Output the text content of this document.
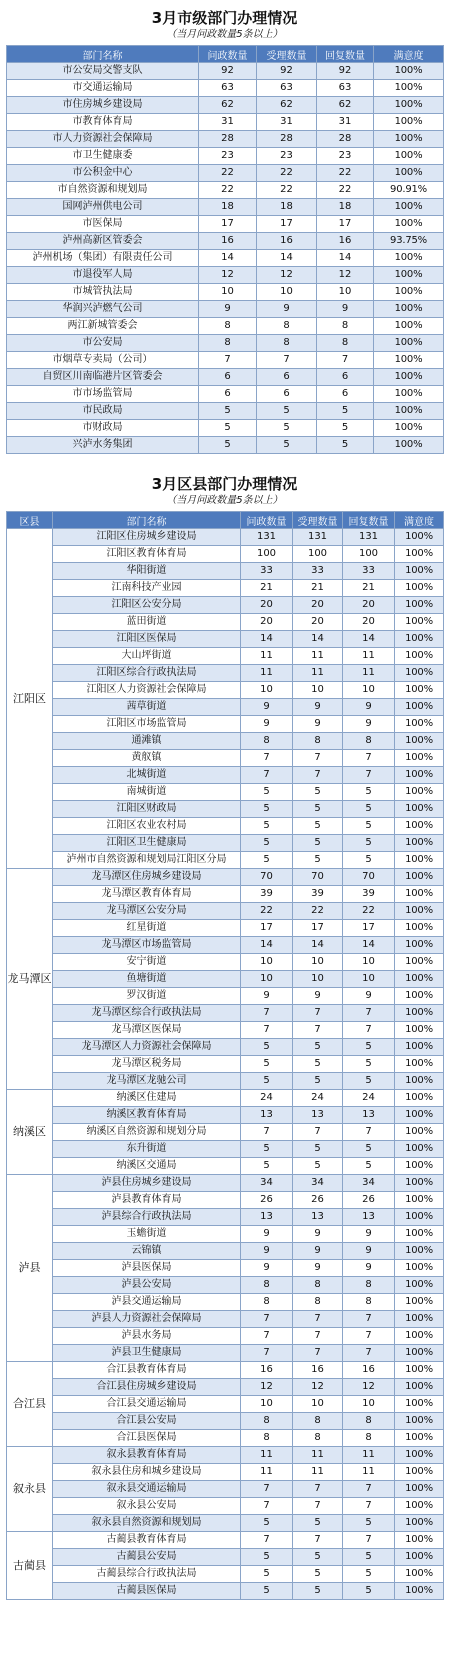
3月市级部门办理情况
（当月问政数量5条以上）
部门名称	问政数量	受理数量	回复数量	满意度
市公安局交警支队	92	92	92	100%
市交通运输局	63	63	63	100%
市住房城乡建设局	62	62	62	100%
市教育体育局	31	31	31	100%
市人力资源社会保障局	28	28	28	100%
市卫生健康委	23	23	23	100%
市公积金中心	22	22	22	100%
市自然资源和规划局	22	22	22	90.91%
国网泸州供电公司	18	18	18	100%
市医保局	17	17	17	100%
泸州高新区管委会	16	16	16	93.75%
泸州机场（集团）有限责任公司	14	14	14	100%
市退役军人局	12	12	12	100%
市城管执法局	10	10	10	100%
华润兴泸燃气公司	9	9	9	100%
两江新城管委会	8	8	8	100%
市公安局	8	8	8	100%
市烟草专卖局（公司）	7	7	7	100%
自贸区川南临港片区管委会	6	6	6	100%
市市场监管局	6	6	6	100%
市民政局	5	5	5	100%
市财政局	5	5	5	100%
兴泸水务集团	5	5	5	100%
3月区县部门办理情况
（当月问政数量5条以上）
区县	部门名称	问政数量	受理数量	回复数量	满意度
江阳区	江阳区住房城乡建设局	131	131	131	100%
	江阳区教育体育局	100	100	100	100%
	华阳街道	33	33	33	100%
	江南科技产业园	21	21	21	100%
	江阳区公安分局	20	20	20	100%
	蓝田街道	20	20	20	100%
	江阳区医保局	14	14	14	100%
	大山坪街道	11	11	11	100%
	江阳区综合行政执法局	11	11	11	100%
	江阳区人力资源社会保障局	10	10	10	100%
	茜草街道	9	9	9	100%
	江阳区市场监管局	9	9	9	100%
	通滩镇	8	8	8	100%
	黄舣镇	7	7	7	100%
	北城街道	7	7	7	100%
	南城街道	5	5	5	100%
	江阳区财政局	5	5	5	100%
	江阳区农业农村局	5	5	5	100%
	江阳区卫生健康局	5	5	5	100%
	泸州市自然资源和规划局江阳区分局	5	5	5	100%
龙马潭区	龙马潭区住房城乡建设局	70	70	70	100%
	龙马潭区教育体育局	39	39	39	100%
	龙马潭区公安分局	22	22	22	100%
	红星街道	17	17	17	100%
	龙马潭区市场监管局	14	14	14	100%
	安宁街道	10	10	10	100%
	鱼塘街道	10	10	10	100%
	罗汉街道	9	9	9	100%
	龙马潭区综合行政执法局	7	7	7	100%
	龙马潭区医保局	7	7	7	100%
	龙马潭区人力资源社会保障局	5	5	5	100%
	龙马潭区税务局	5	5	5	100%
	龙马潭区龙驰公司	5	5	5	100%
纳溪区	纳溪区住建局	24	24	24	100%
	纳溪区教育体育局	13	13	13	100%
	纳溪区自然资源和规划分局	7	7	7	100%
	东升街道	5	5	5	100%
	纳溪区交通局	5	5	5	100%
泸县	泸县住房城乡建设局	34	34	34	100%
	泸县教育体育局	26	26	26	100%
	泸县综合行政执法局	13	13	13	100%
	玉蟾街道	9	9	9	100%
	云锦镇	9	9	9	100%
	泸县医保局	9	9	9	100%
	泸县公安局	8	8	8	100%
	泸县交通运输局	8	8	8	100%
	泸县人力资源社会保障局	7	7	7	100%
	泸县水务局	7	7	7	100%
	泸县卫生健康局	7	7	7	100%
合江县	合江县教育体育局	16	16	16	100%
	合江县住房城乡建设局	12	12	12	100%
	合江县交通运输局	10	10	10	100%
	合江县公安局	8	8	8	100%
	合江县医保局	8	8	8	100%
叙永县	叙永县教育体育局	11	11	11	100%
	叙永县住房和城乡建设局	11	11	11	100%
	叙永县交通运输局	7	7	7	100%
	叙永县公安局	7	7	7	100%
	叙永县自然资源和规划局	5	5	5	100%
古蔺县	古蔺县教育体育局	7	7	7	100%
	古蔺县公安局	5	5	5	100%
	古蔺县综合行政执法局	5	5	5	100%
	古蔺县医保局	5	5	5	100%
